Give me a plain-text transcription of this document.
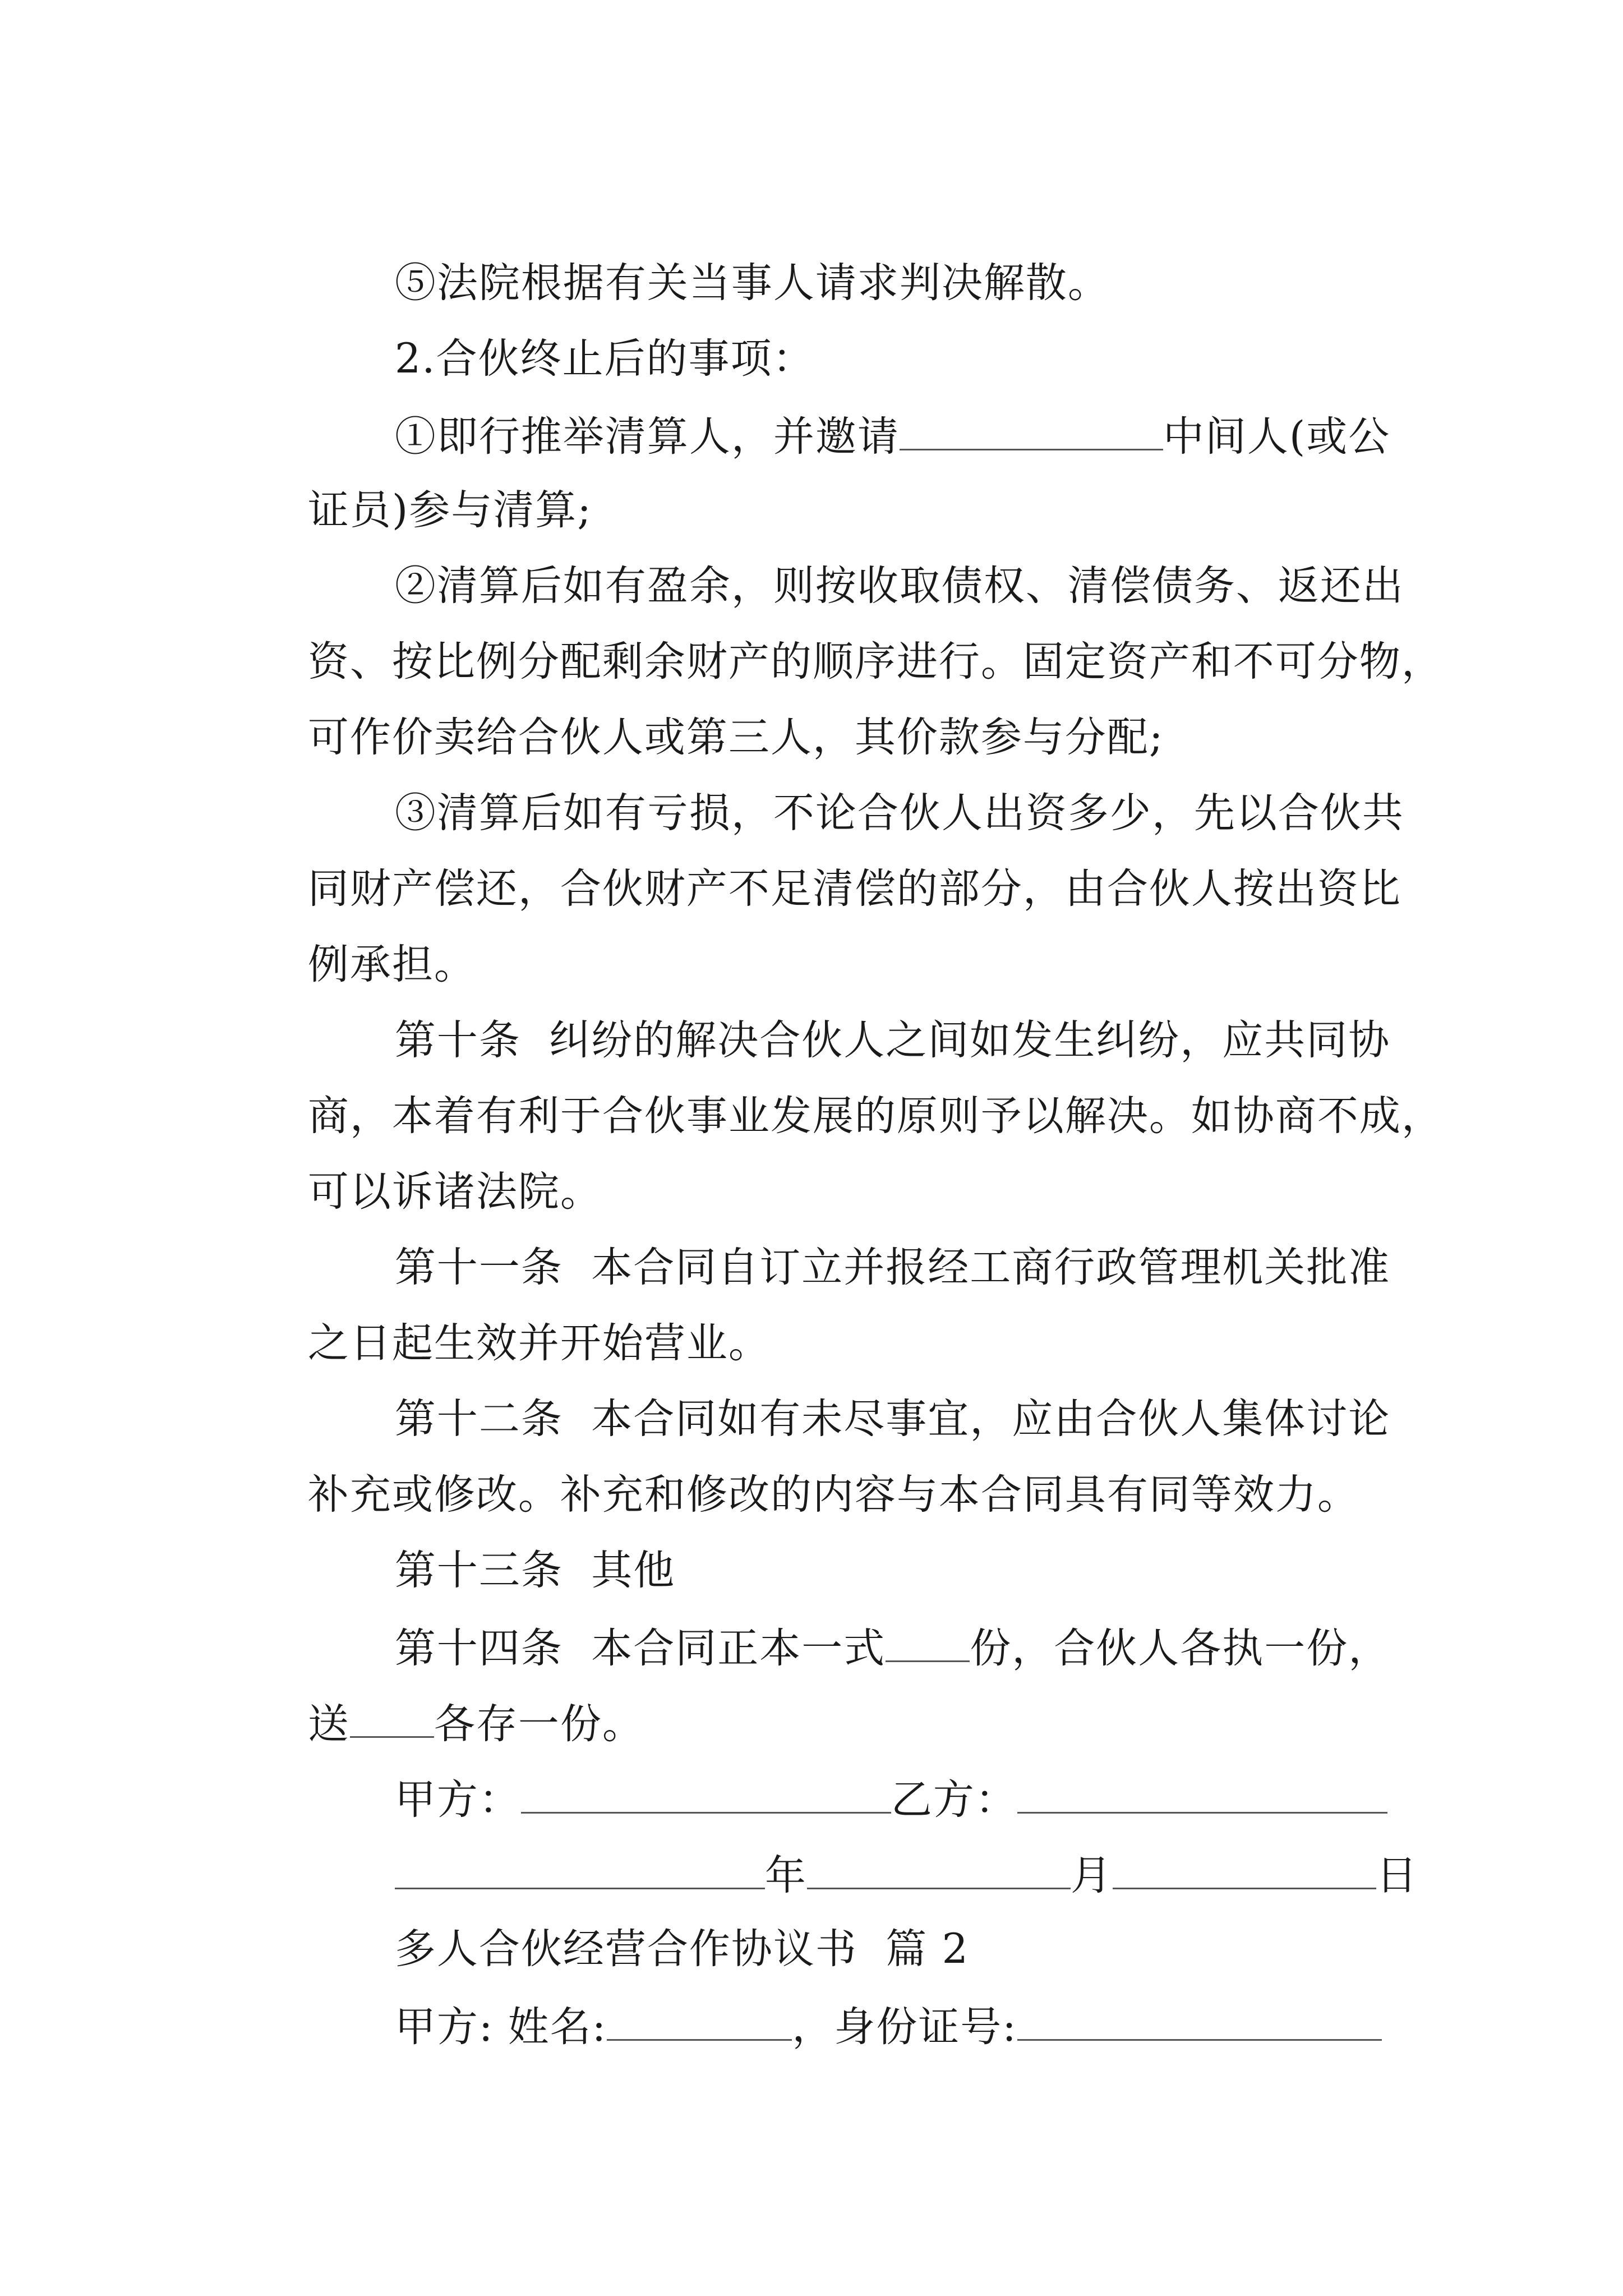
⑤法院根据有关当事人请求判决解散。

2.合伙终止后的事项：

①即行推举清算人，并邀请	中间人(或公

证员)参与清算;

②清算后如有盈余，则按收取债权、清偿债务、返还出

资、按比例分配剩余财产的顺序进行。固定资产和不可分物，

可作价卖给合伙人或第三人，其价款参与分配;

③清算后如有亏损，不论合伙人出资多少，先以合伙共

同财产偿还，合伙财产不足清偿的部分，由合伙人按出资比

例承担。

第十条  纠纷的解决合伙人之间如发生纠纷，应共同协

商，本着有利于合伙事业发展的原则予以解决。如协商不成，

可以诉诸法院。

第十一条  本合同自订立并报经工商行政管理机关批准

之日起生效并开始营业。

第十二条  本合同如有未尽事宜，应由合伙人集体讨论

补充或修改。补充和修改的内容与本合同具有同等效力。

第十三条  其他

第十四条  本合同正本一式 份，合伙人各执一份，

送 各存一份。

甲方：	乙方：

年	月	日

多人合伙经营合作协议书  篇 2

甲方: 姓名:	，身份证号:
